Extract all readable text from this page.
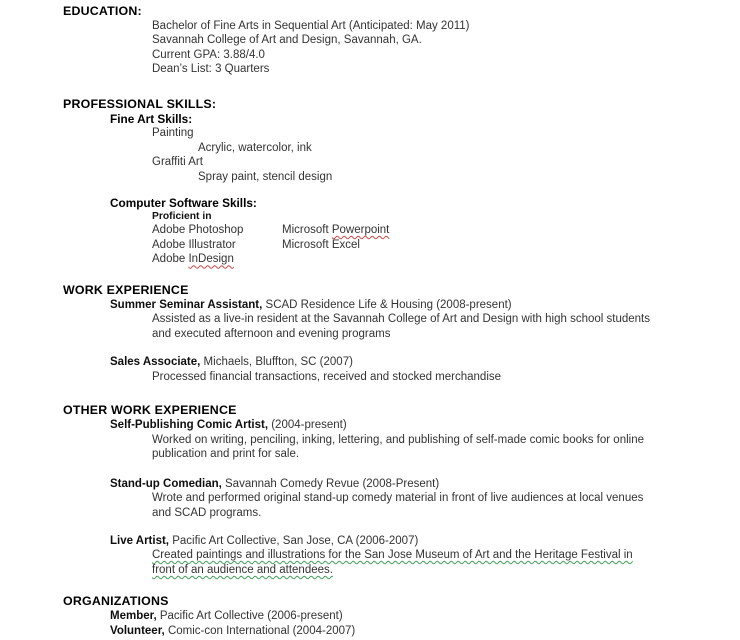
EDUCATION:
Bachelor of Fine Arts in Sequential Art (Anticipated: May 2011)
Savannah College of Art and Design, Savannah, GA.
Current GPA: 3.88/4.0
Dean’s List: 3 Quarters
PROFESSIONAL SKILLS:
Fine Art Skills:
Painting
Acrylic, watercolor, ink
Graffiti Art
Spray paint, stencil design
Computer Software Skills:
Proficient in
Adobe Photoshop	Microsoft Powerpoint
Adobe Illustrator	Microsoft Excel
Adobe InDesign
WORK EXPERIENCE
Summer Seminar Assistant, SCAD Residence Life & Housing (2008-present)
Assisted as a live-in resident at the Savannah College of Art and Design with high school students
and executed afternoon and evening programs
Sales Associate, Michaels, Bluffton, SC (2007)
Processed financial transactions, received and stocked merchandise
OTHER WORK EXPERIENCE
Self-Publishing Comic Artist, (2004-present)
Worked on writing, penciling, inking, lettering, and publishing of self-made comic books for online
publication and print for sale.
Stand-up Comedian, Savannah Comedy Revue (2008-Present)
Wrote and performed original stand-up comedy material in front of live audiences at local venues
and SCAD programs.
Live Artist, Pacific Art Collective, San Jose, CA (2006-2007)
Created paintings and illustrations for the San Jose Museum of Art and the Heritage Festival in
front of an audience and attendees.
ORGANIZATIONS
Member, Pacific Art Collective (2006-present)
Volunteer, Comic-con International (2004-2007)
